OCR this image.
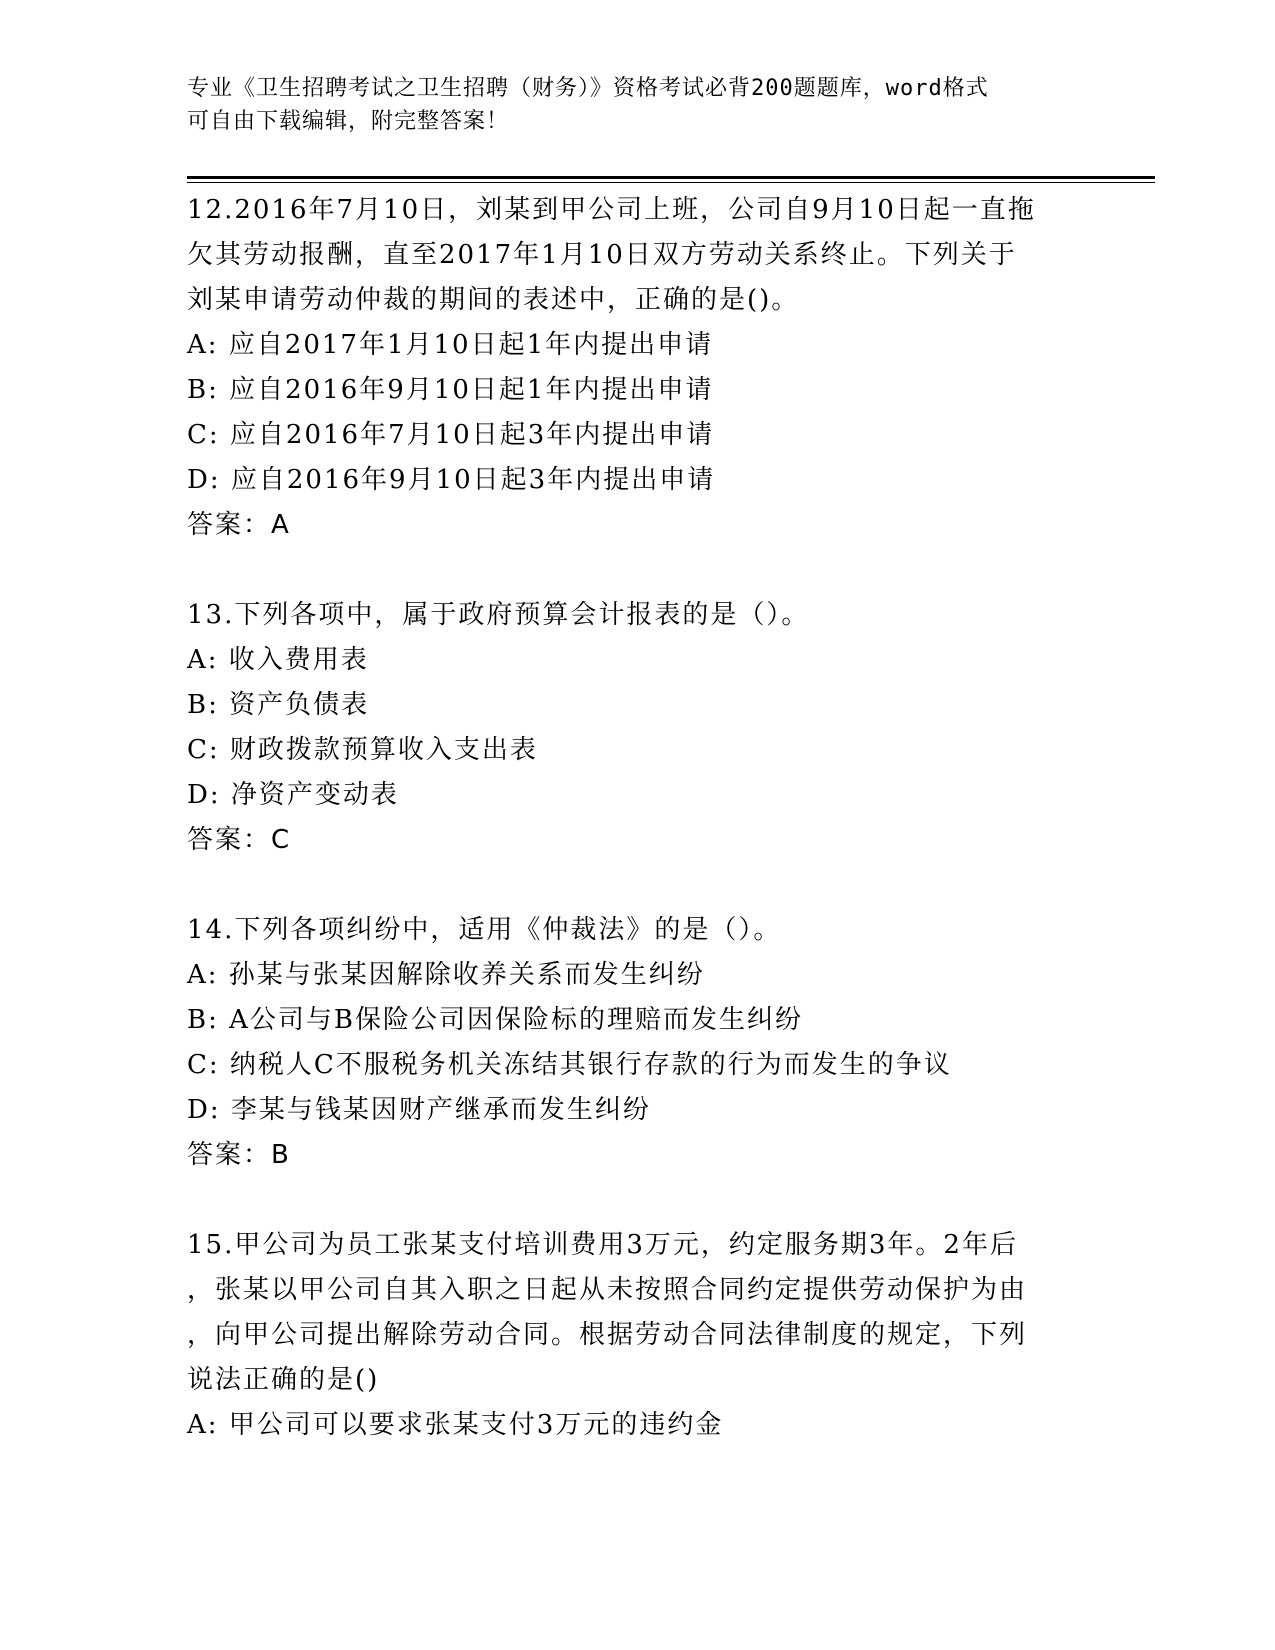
专业《卫生招聘考试之卫生招聘（财务）》资格考试必背200题题库，word格式
可自由下载编辑，附完整答案！
12.2016年7月10日，刘某到甲公司上班，公司自9月10日起一直拖
欠其劳动报酬，直至2017年1月10日双方劳动关系终止。下列关于
刘某申请劳动仲裁的期间的表述中，正确的是()。
A: 应自2017年1月10日起1年内提出申请
B: 应自2016年9月10日起1年内提出申请
C: 应自2016年7月10日起3年内提出申请
D: 应自2016年9月10日起3年内提出申请
答案：A
13.下列各项中，属于政府预算会计报表的是（）。
A: 收入费用表
B: 资产负债表
C: 财政拨款预算收入支出表
D: 净资产变动表
答案：C
14.下列各项纠纷中，适用《仲裁法》的是（）。
A: 孙某与张某因解除收养关系而发生纠纷
B: A公司与B保险公司因保险标的理赔而发生纠纷
C: 纳税人C不服税务机关冻结其银行存款的行为而发生的争议
D: 李某与钱某因财产继承而发生纠纷
答案：B
15.甲公司为员工张某支付培训费用3万元，约定服务期3年。2年后
，张某以甲公司自其入职之日起从未按照合同约定提供劳动保护为由
，向甲公司提出解除劳动合同。根据劳动合同法律制度的规定，下列
说法正确的是()
A: 甲公司可以要求张某支付3万元的违约金
